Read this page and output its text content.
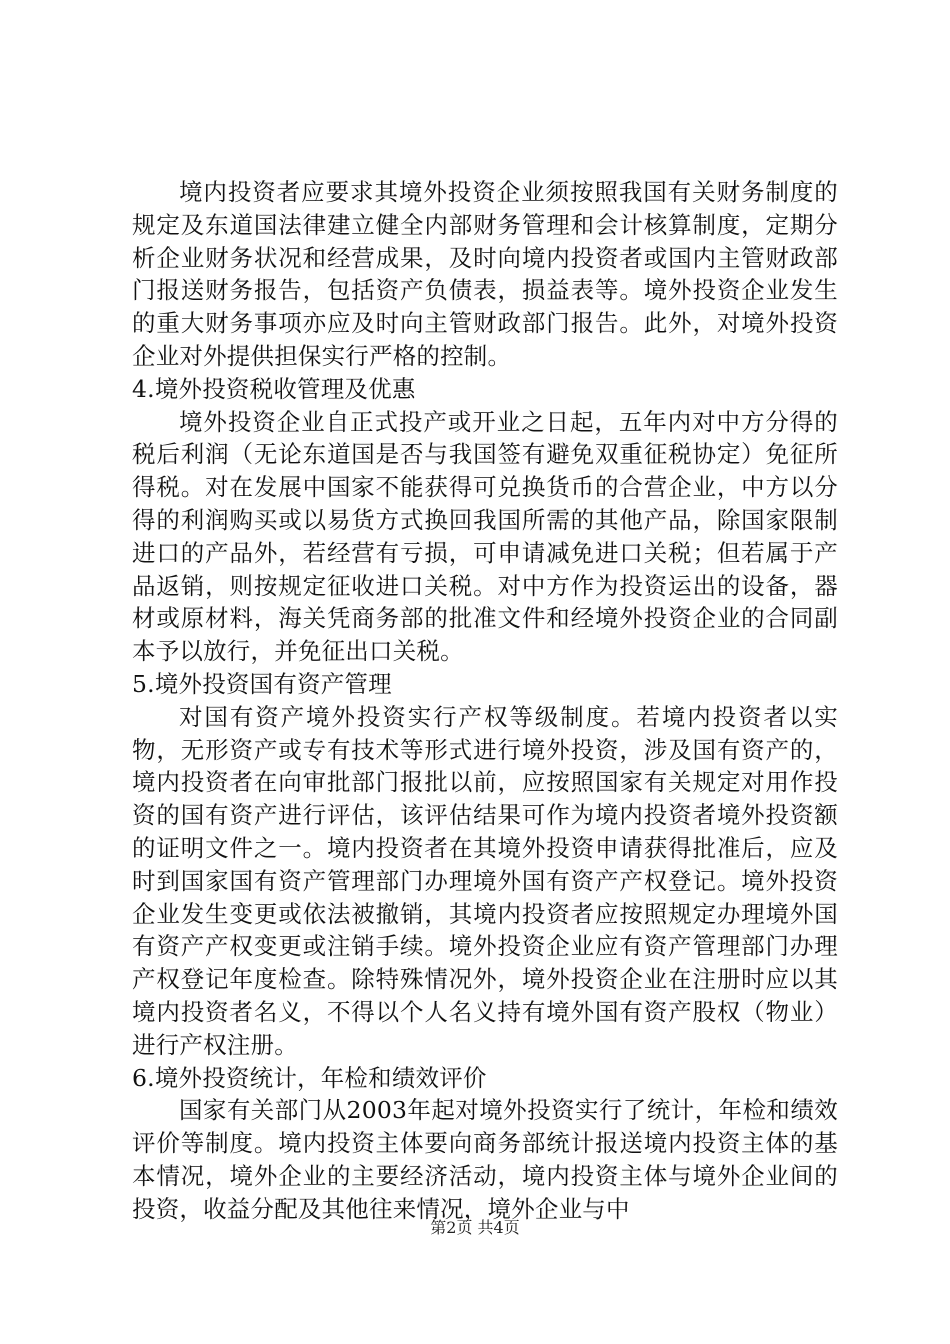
境内投资者应要求其境外投资企业须按照我国有关财务制度的规定及东道国法律建立健全内部财务管理和会计核算制度，定期分析企业财务状况和经营成果，及时向境内投资者或国内主管财政部门报送财务报告，包括资产负债表，损益表等。境外投资企业发生的重大财务事项亦应及时向主管财政部门报告。此外，对境外投资企业对外提供担保实行严格的控制。

4.境外投资税收管理及优惠

境外投资企业自正式投产或开业之日起，五年内对中方分得的税后利润（无论东道国是否与我国签有避免双重征税协定）免征所得税。对在发展中国家不能获得可兑换货币的合营企业，中方以分得的利润购买或以易货方式换回我国所需的其他产品，除国家限制进口的产品外，若经营有亏损，可申请减免进口关税；但若属于产品返销，则按规定征收进口关税。对中方作为投资运出的设备，器材或原材料，海关凭商务部的批准文件和经境外投资企业的合同副本予以放行，并免征出口关税。

5.境外投资国有资产管理

对国有资产境外投资实行产权等级制度。若境内投资者以实物，无形资产或专有技术等形式进行境外投资，涉及国有资产的，境内投资者在向审批部门报批以前，应按照国家有关规定对用作投资的国有资产进行评估，该评估结果可作为境内投资者境外投资额的证明文件之一。境内投资者在其境外投资申请获得批准后，应及时到国家国有资产管理部门办理境外国有资产产权登记。境外投资企业发生变更或依法被撤销，其境内投资者应按照规定办理境外国有资产产权变更或注销手续。境外投资企业应有资产管理部门办理产权登记年度检查。除特殊情况外，境外投资企业在注册时应以其境内投资者名义，不得以个人名义持有境外国有资产股权（物业）进行产权注册。

6.境外投资统计，年检和绩效评价

国家有关部门从2003年起对境外投资实行了统计，年检和绩效评价等制度。境内投资主体要向商务部统计报送境内投资主体的基本情况，境外企业的主要经济活动，境内投资主体与境外企业间的投资，收益分配及其他往来情况，境外企业与中

第2页 共4页
